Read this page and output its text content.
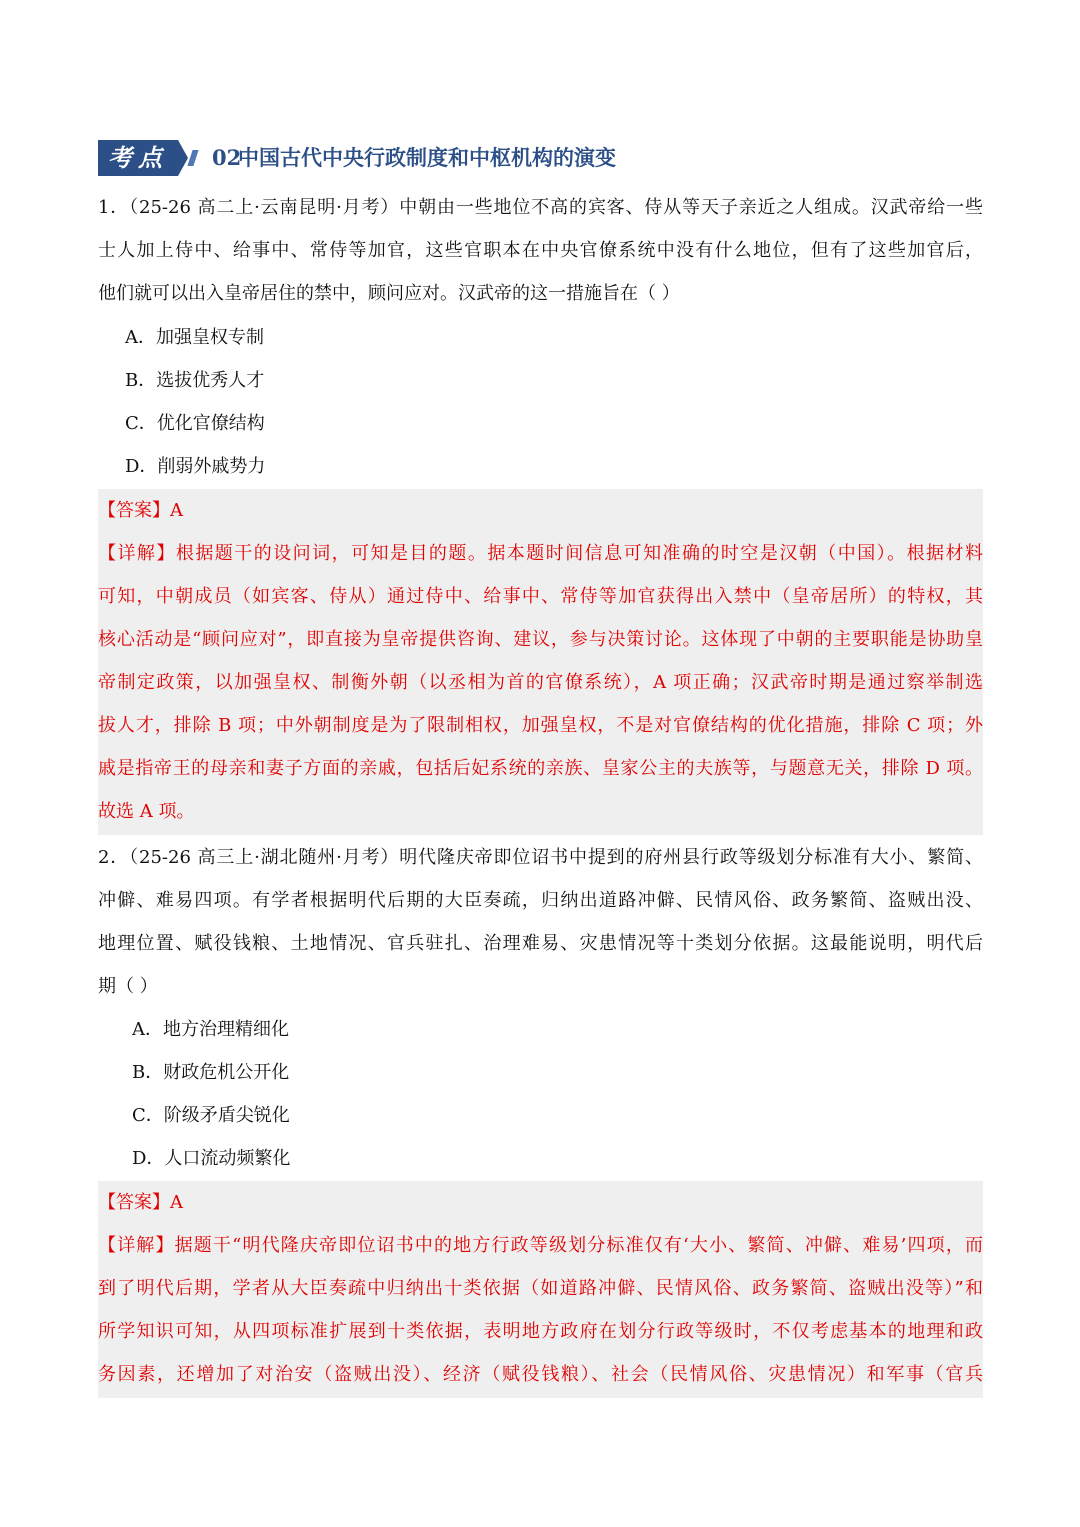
考点	02
中国古代中央行政制度和中枢机构的演变
1．（25-26 高二上·云南昆明·月考）中朝由一些地位不高的宾客、侍从等天子亲近之人组成。汉武帝给一些
士人加上侍中、给事中、常侍等加官，这些官职本在中央官僚系统中没有什么地位，但有了这些加官后，
他们就可以出入皇帝居住的禁中，顾问应对。汉武帝的这一措施旨在（ ）
A．加强皇权专制
B．选拔优秀人才
C．优化官僚结构
D．削弱外戚势力
【答案】A
【详解】根据题干的设问词，可知是目的题。据本题时间信息可知准确的时空是汉朝（中国）。根据材料
可知，中朝成员（如宾客、侍从）通过侍中、给事中、常侍等加官获得出入禁中（皇帝居所）的特权，其
核心活动是“顾问应对”，即直接为皇帝提供咨询、建议，参与决策讨论。这体现了中朝的主要职能是协助皇
帝制定政策，以加强皇权、制衡外朝（以丞相为首的官僚系统），A 项正确；汉武帝时期是通过察举制选
拔人才，排除 B 项；中外朝制度是为了限制相权，加强皇权，不是对官僚结构的优化措施，排除 C 项；外
戚是指帝王的母亲和妻子方面的亲戚，包括后妃系统的亲族、皇家公主的夫族等，与题意无关，排除 D 项。
故选 A 项。
2．（25-26 高三上·湖北随州·月考）明代隆庆帝即位诏书中提到的府州县行政等级划分标准有大小、繁简、
冲僻、难易四项。有学者根据明代后期的大臣奏疏，归纳出道路冲僻、民情风俗、政务繁简、盗贼出没、
地理位置、赋役钱粮、土地情况、官兵驻扎、治理难易、灾患情况等十类划分依据。这最能说明，明代后
期（ ）
A．地方治理精细化
B．财政危机公开化
C．阶级矛盾尖锐化
D．人口流动频繁化
【答案】A
【详解】据题干“明代隆庆帝即位诏书中的地方行政等级划分标准仅有‘大小、繁简、冲僻、难易’四项，而
到了明代后期，学者从大臣奏疏中归纳出十类依据（如道路冲僻、民情风俗、政务繁简、盗贼出没等）”和
所学知识可知，从四项标准扩展到十类依据，表明地方政府在划分行政等级时，不仅考虑基本的地理和政
务因素，还增加了对治安（盗贼出没）、经济（赋役钱粮）、社会（民情风俗、灾患情况）和军事（官兵
